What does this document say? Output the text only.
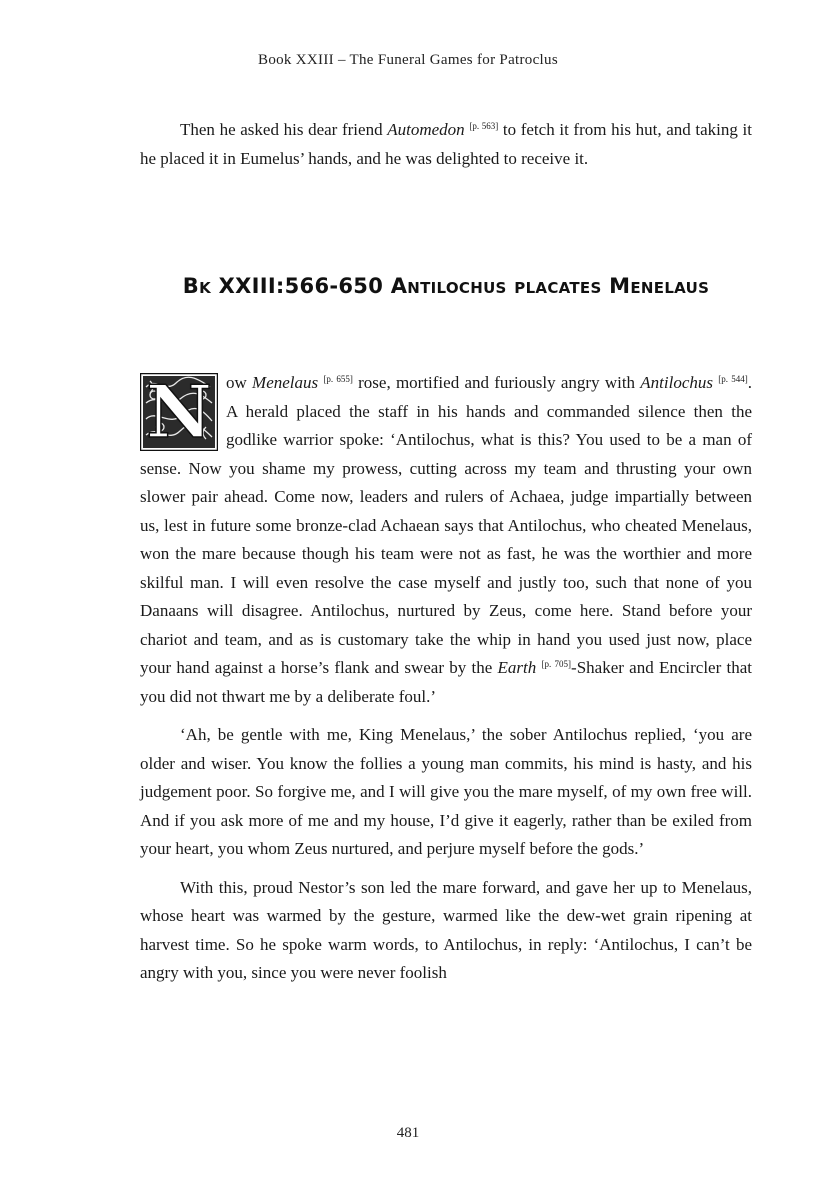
Book XXIII – The Funeral Games for Patroclus

Then he asked his dear friend Automedon [p. 563] to fetch it from his hut, and taking it he placed it in Eumelus’ hands, and he was delighted to receive it.

Bk XXIII:566-650 Antilochus placates Menelaus

N ow Menelaus [p. 655] rose, mortified and furiously angry with Antilochus [p. 544]. A herald placed the staff in his hands and commanded silence then the godlike warrior spoke: ‘Antilochus, what is this? You used to be a man of sense. Now you shame my prowess, cutting across my team and thrusting your own slower pair ahead. Come now, leaders and rulers of Achaea, judge impartially between us, lest in future some bronze-clad Achaean says that Antilochus, who cheated Menelaus, won the mare because though his team were not as fast, he was the worthier and more skilful man. I will even resolve the case myself and justly too, such that none of you Danaans will disagree. Antilochus, nurtured by Zeus, come here. Stand before your chariot and team, and as is customary take the whip in hand you used just now, place your hand against a horse’s flank and swear by the Earth [p. 705]-Shaker and Encircler that you did not thwart me by a deliberate foul.’

‘Ah, be gentle with me, King Menelaus,’ the sober Antilochus replied, ‘you are older and wiser. You know the follies a young man commits, his mind is hasty, and his judgement poor. So forgive me, and I will give you the mare myself, of my own free will. And if you ask more of me and my house, I’d give it eagerly, rather than be exiled from your heart, you whom Zeus nurtured, and perjure myself before the gods.’

With this, proud Nestor’s son led the mare forward, and gave her up to Menelaus, whose heart was warmed by the gesture, warmed like the dew-wet grain ripening at harvest time. So he spoke warm words, to Antilochus, in reply: ‘Antilochus, I can’t be angry with you, since you were never foolish

481
